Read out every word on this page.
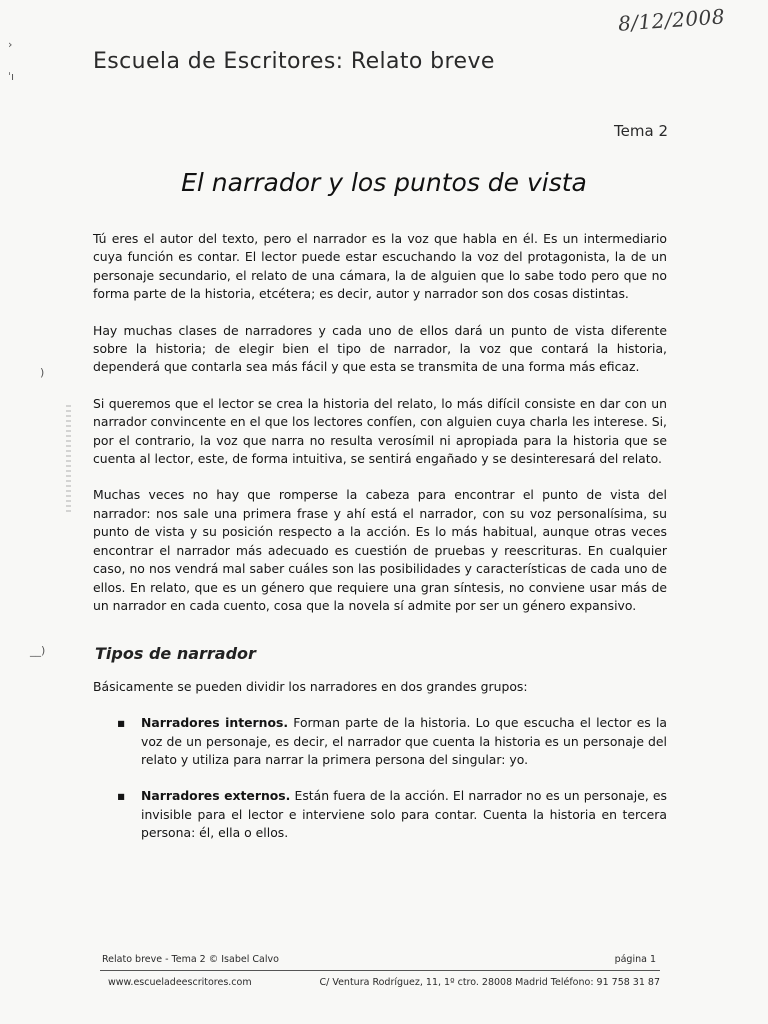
8/12/2008
Escuela de Escritores: Relato breve
Tema 2
El narrador y los puntos de vista

Tú eres el autor del texto, pero el narrador es la voz que habla en él. Es un intermediario cuya función es contar. El lector puede estar escuchando la voz del protagonista, la de un personaje secundario, el relato de una cámara, la de alguien que lo sabe todo pero que no forma parte de la historia, etcétera; es decir, autor y narrador son dos cosas distintas.

Hay muchas clases de narradores y cada uno de ellos dará un punto de vista diferente sobre la historia; de elegir bien el tipo de narrador, la voz que contará la historia, dependerá que contarla sea más fácil y que esta se transmita de una forma más eficaz.

Si queremos que el lector se crea la historia del relato, lo más difícil consiste en dar con un narrador convincente en el que los lectores confíen, con alguien cuya charla les interese. Si, por el contrario, la voz que narra no resulta verosímil ni apropiada para la historia que se cuenta al lector, este, de forma intuitiva, se sentirá engañado y se desinteresará del relato.

Muchas veces no hay que romperse la cabeza para encontrar el punto de vista del narrador: nos sale una primera frase y ahí está el narrador, con su voz personalísima, su punto de vista y su posición respecto a la acción. Es lo más habitual, aunque otras veces encontrar el narrador más adecuado es cuestión de pruebas y reescrituras. En cualquier caso, no nos vendrá mal saber cuáles son las posibilidades y características de cada uno de ellos. En relato, que es un género que requiere una gran síntesis, no conviene usar más de un narrador en cada cuento, cosa que la novela sí admite por ser un género expansivo.

Tipos de narrador

Básicamente se pueden dividir los narradores en dos grandes grupos:

▪ Narradores internos. Forman parte de la historia. Lo que escucha el lector es la voz de un personaje, es decir, el narrador que cuenta la historia es un personaje del relato y utiliza para narrar la primera persona del singular: yo.
▪ Narradores externos. Están fuera de la acción. El narrador no es un personaje, es invisible para el lector e interviene solo para contar. Cuenta la historia en tercera persona: él, ella o ellos.
Relato breve - Tema 2 © Isabel Calvo	página 1
www.escueladeescritores.com	C/ Ventura Rodríguez, 11, 1º ctro. 28008 Madrid Teléfono: 91 758 31 87
›
ˈı
)
__)
